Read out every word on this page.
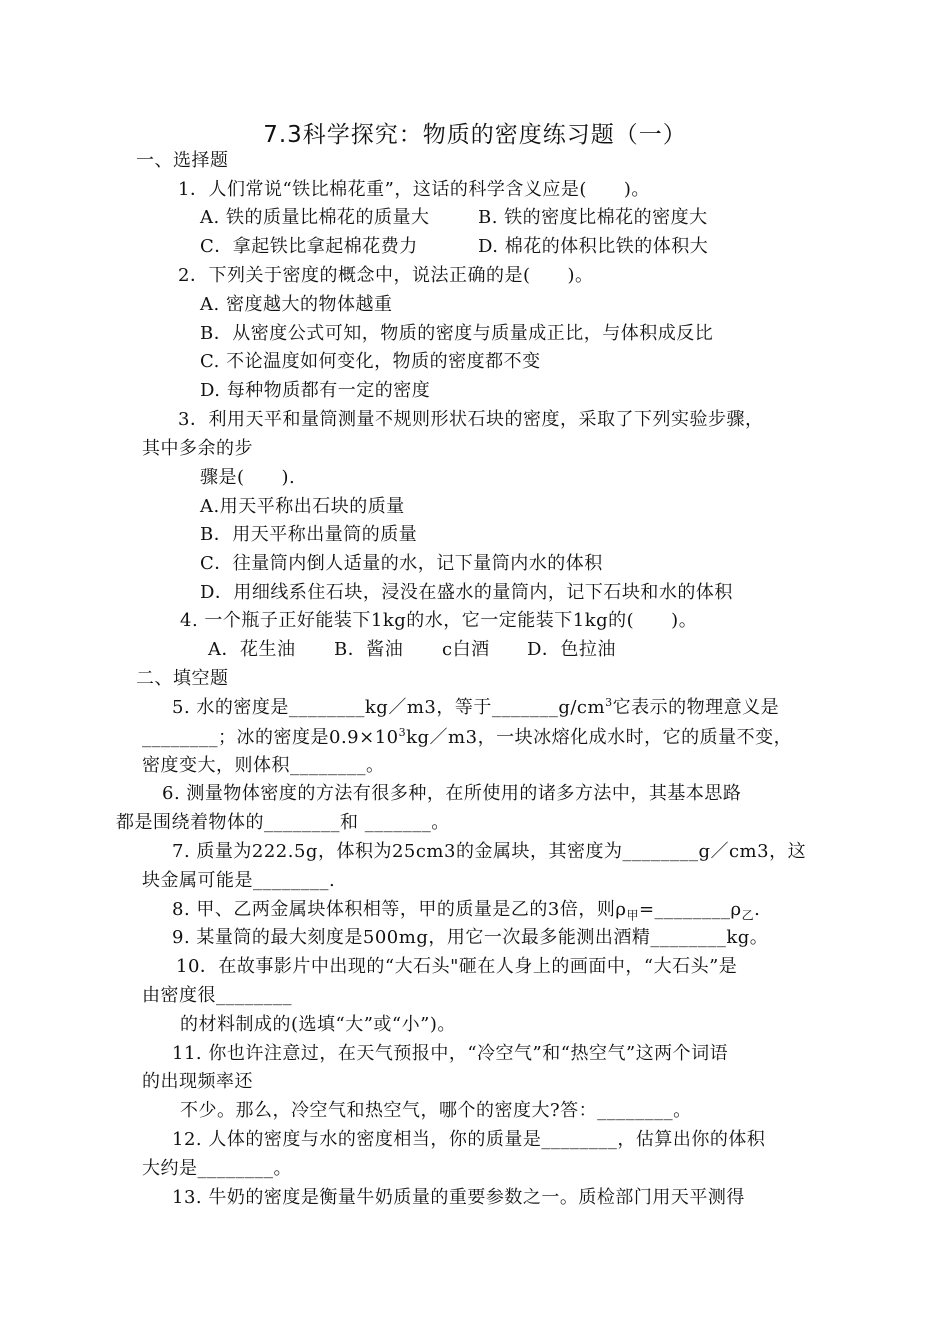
7.3科学探究：物质的密度练习题（一）
一、选择题
1．人们常说“铁比棉花重”，这话的科学含义应是(　　)。
A. 铁的质量比棉花的质量大	B. 铁的密度比棉花的密度大
C．拿起铁比拿起棉花费力	D. 棉花的体积比铁的体积大
2．下列关于密度的概念中，说法正确的是(　　)。
A. 密度越大的物体越重
B．从密度公式可知，物质的密度与质量成正比，与体积成反比
C. 不论温度如何变化，物质的密度都不变
D. 每种物质都有一定的密度
3．利用天平和量筒测量不规则形状石块的密度，采取了下列实验步骤，
其中多余的步
骤是(　　).
A.用天平称出石块的质量
B．用天平称出量筒的质量
C．往量筒内倒人适量的水，记下量筒内水的体积
D．用细线系住石块，浸没在盛水的量筒内，记下石块和水的体积
4. 一个瓶子正好能装下1kg的水，它一定能装下1kg的(　　)。
A．花生油 B．酱油 c白酒 D．色拉油
二、填空题
5. 水的密度是________kg／m3，等于$\_\_\_\_\_\_\_g/cm^3$它表示的物理意义是
________；冰的密度是$0.9\times 10^3kg/m3$，一块冰熔化成水时，它的质量不变，
密度变大，则体积________。
6. 测量物体密度的方法有很多种，在所使用的诸多方法中，其基本思路
都是围绕着物体的________和 _______。
7. 质量为222.5g，体积为25cm3的金属块，其密度为________g／cm3，这
块金属可能是________.
8. 甲、乙两金属块体积相等，甲的质量是乙的3倍，则$\rho_甲=\_\_\_\_\_\_\_\_\rho_乙$.
9. 某量筒的最大刻度是500mg，用它一次最多能测出酒精________kg。
10．在故事影片中出现的“大石头"砸在人身上的画面中，“大石头”是
由密度很________
的材料制成的(选填“大”或“小”)。
11. 你也许注意过，在天气预报中，“冷空气”和“热空气”这两个词语
的出现频率还
不少。那么，冷空气和热空气，哪个的密度大?答：________。
12. 人体的密度与水的密度相当，你的质量是________，估算出你的体积
大约是________。
13. 牛奶的密度是衡量牛奶质量的重要参数之一。质检部门用天平测得
